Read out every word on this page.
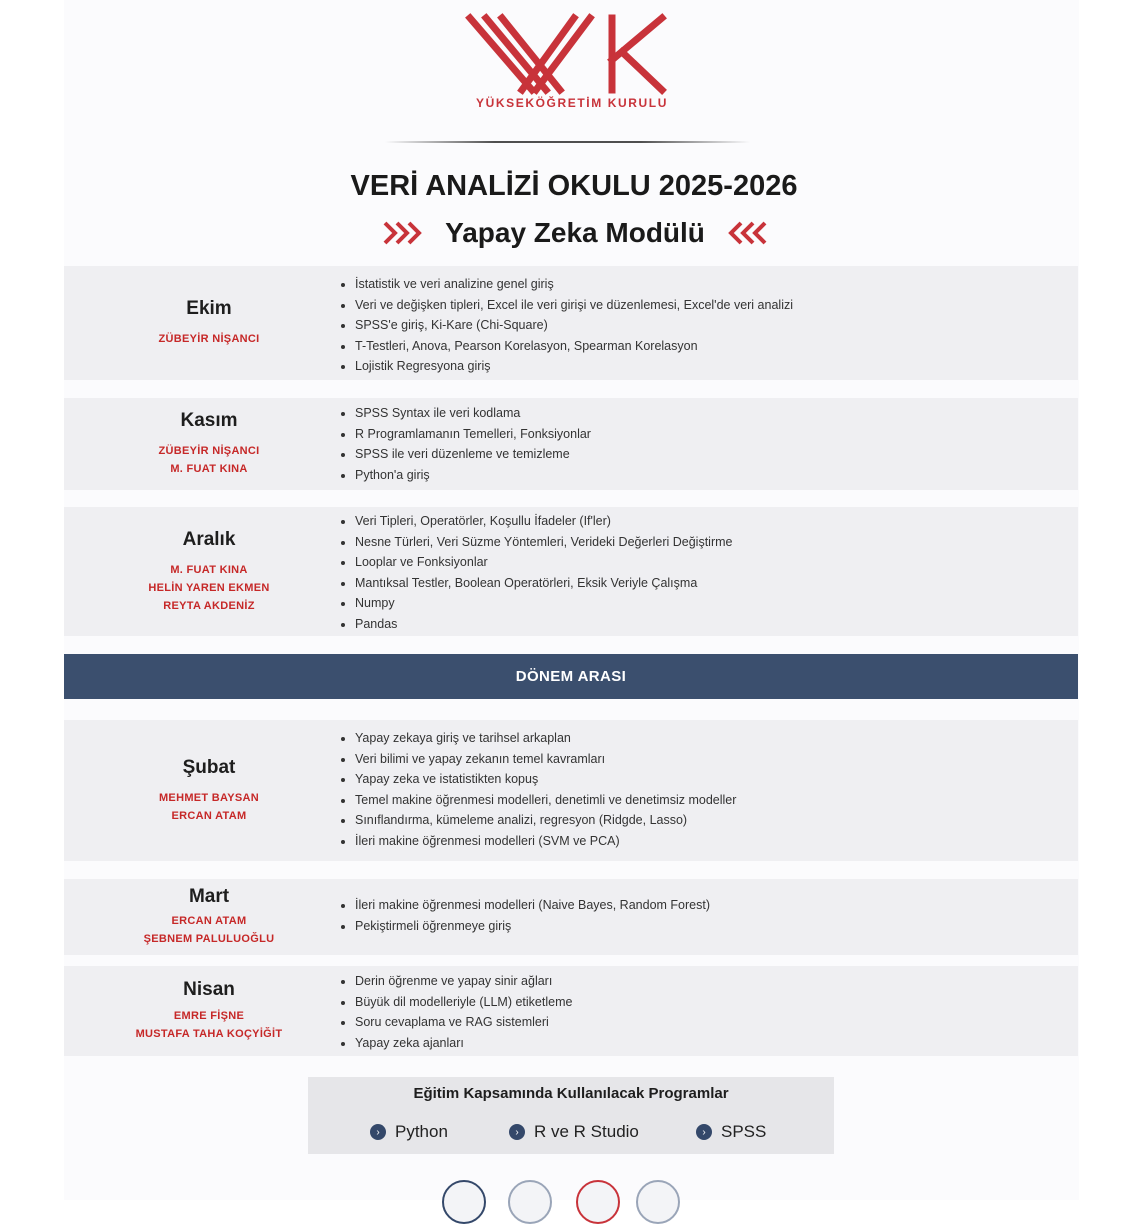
YÜKSEKÖĞRETİM KURULU
VERİ ANALİZİ OKULU 2025-2026
Yapay Zeka Modülü
Ekim
ZÜBEYİR NİŞANCI
• İstatistik ve veri analizine genel giriş
• Veri ve değişken tipleri, Excel ile veri girişi ve düzenlemesi, Excel'de veri analizi
• SPSS'e giriş, Ki-Kare (Chi-Square)
• T-Testleri, Anova, Pearson Korelasyon, Spearman Korelasyon
• Lojistik Regresyona giriş
Kasım
ZÜBEYİR NİŞANCI
M. FUAT KINA
• SPSS Syntax ile veri kodlama
• R Programlamanın Temelleri, Fonksiyonlar
• SPSS ile veri düzenleme ve temizleme
• Python'a giriş
Aralık
M. FUAT KINA
HELİN YAREN EKMEN
REYTA AKDENİZ
• Veri Tipleri, Operatörler, Koşullu İfadeler (If'ler)
• Nesne Türleri, Veri Süzme Yöntemleri, Verideki Değerleri Değiştirme
• Looplar ve Fonksiyonlar
• Mantıksal Testler, Boolean Operatörleri, Eksik Veriyle Çalışma
• Numpy
• Pandas
DÖNEM ARASI
Şubat
MEHMET BAYSAN
ERCAN ATAM
• Yapay zekaya giriş ve tarihsel arkaplan
• Veri bilimi ve yapay zekanın temel kavramları
• Yapay zeka ve istatistikten kopuş
• Temel makine öğrenmesi modelleri, denetimli ve denetimsiz modeller
• Sınıflandırma, kümeleme analizi, regresyon (Ridgde, Lasso)
• İleri makine öğrenmesi modelleri (SVM ve PCA)
Mart
ERCAN ATAM
ŞEBNEM PALULUOĞLU
• İleri makine öğrenmesi modelleri (Naive Bayes, Random Forest)
• Pekiştirmeli öğrenmeye giriş
Nisan
EMRE FİŞNE
MUSTAFA TAHA KOÇYİĞİT
• Derin öğrenme ve yapay sinir ağları
• Büyük dil modelleriyle (LLM) etiketleme
• Soru cevaplama ve RAG sistemleri
• Yapay zeka ajanları
Eğitim Kapsamında Kullanılacak Programlar
› Python	› R ve R Studio	› SPSS
